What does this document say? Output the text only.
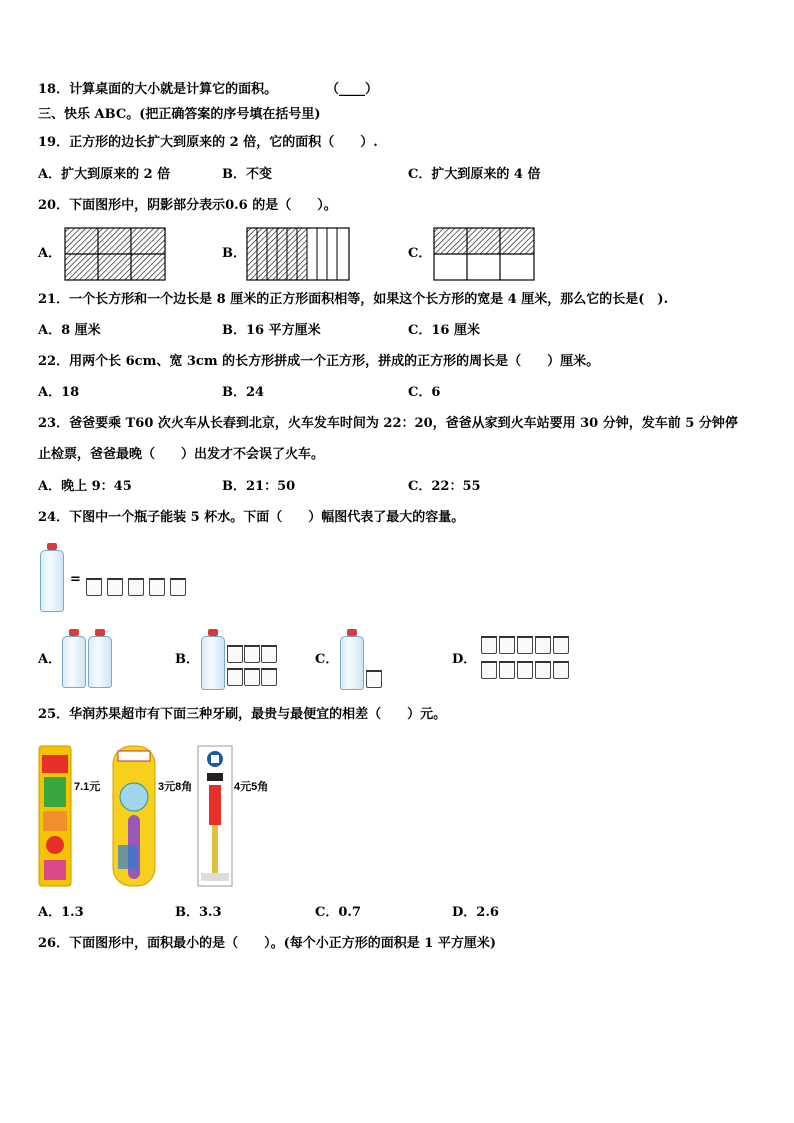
18．计算桌面的大小就是计算它的面积。	（____）
三、快乐 ABC。(把正确答案的序号填在括号里)
19．正方形的边长扩大到原来的 2 倍，它的面积（　　）.
A．扩大到原来的 2 倍	B．不变	C．扩大到原来的 4 倍
20．下面图形中，阴影部分表示0.6 的是（　　）。
A．	B．	C．
21．一个长方形和一个边长是 8 厘米的正方形面积相等，如果这个长方形的宽是 4 厘米，那么它的长是(　).
A．8 厘米	B．16 平方厘米	C．16 厘米
22．用两个长 6cm、宽 3cm 的长方形拼成一个正方形，拼成的正方形的周长是（　　）厘米。
A．18	B．24	C．6
23．爸爸要乘 T60 次火车从长春到北京，火车发车时间为 22：20，爸爸从家到火车站要用 30 分钟，发车前 5 分钟停
止检票，爸爸最晚（　　）出发才不会误了火车。
A．晚上 9：45	B．21：50	C．22：55
24．下图中一个瓶子能装 5 杯水。下面（　　）幅图代表了最大的容量。
=
A．	B．	C．	D．
25．华润苏果超市有下面三种牙刷，最贵与最便宜的相差（　　）元。
7.1元	3元8角	4元5角
A．1.3	B．3.3	C．0.7	D．2.6
26．下面图形中，面积最小的是（　　）。(每个小正方形的面积是 1 平方厘米)
